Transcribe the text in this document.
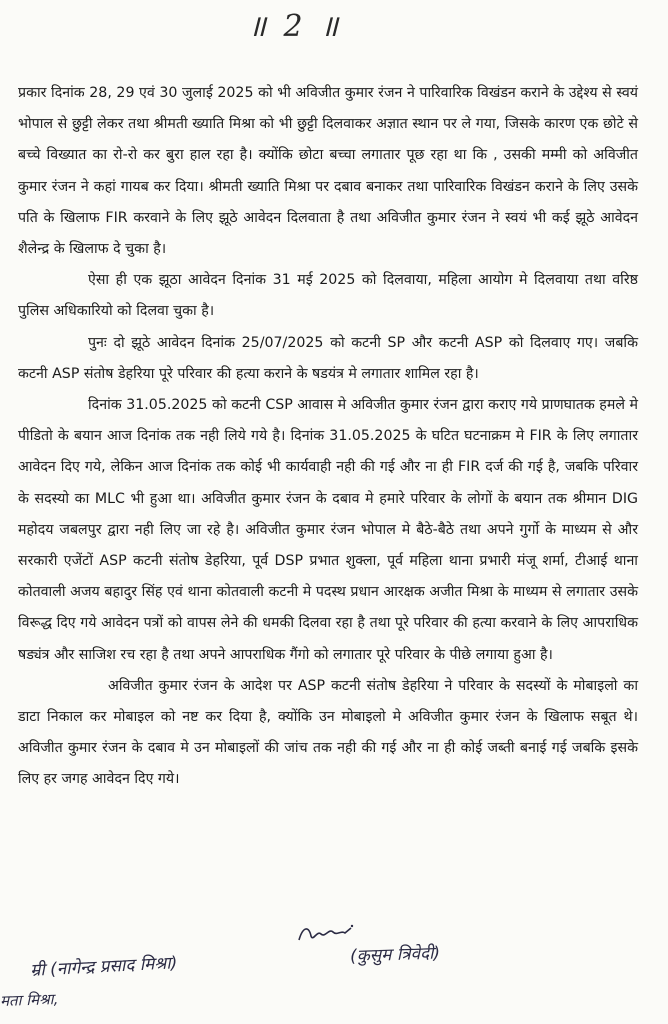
॥ 2 ॥

प्रकार दिनांक 28, 29 एवं 30 जुलाई 2025 को भी अविजीत कुमार रंजन ने पारिवारिक विखंडन कराने के उद्देश्य से स्वयं भोपाल से छुट्टी लेकर तथा श्रीमती ख्याति मिश्रा को भी छुट्टी दिलवाकर अज्ञात स्थान पर ले गया, जिसके कारण एक छोटे से बच्चे विख्यात का रो-रो कर बुरा हाल रहा है। क्योंकि छोटा बच्चा लगातार पूछ रहा था कि , उसकी मम्मी को अविजीत कुमार रंजन ने कहां गायब कर दिया। श्रीमती ख्याति मिश्रा पर दबाव बनाकर तथा पारिवारिक विखंडन कराने के लिए उसके पति के खिलाफ FIR करवाने के लिए झूठे आवेदन दिलवाता है तथा अविजीत कुमार रंजन ने स्वयं भी कई झूठे आवेदन शैलेन्द्र के खिलाफ दे चुका है।

ऐसा ही एक झूठा आवेदन दिनांक 31 मई 2025 को दिलवाया, महिला आयोग मे दिलवाया तथा वरिष्ठ पुलिस अधिकारियो को दिलवा चुका है।

पुनः दो झूठे आवेदन दिनांक 25/07/2025 को कटनी SP और कटनी ASP को दिलवाए गए। जबकि कटनी ASP संतोष डेहरिया पूरे परिवार की हत्या कराने के षडयंत्र मे लगातार शामिल रहा है।

दिनांक 31.05.2025 को कटनी CSP आवास मे अविजीत कुमार रंजन द्वारा कराए गये प्राणघातक हमले मे पीडितो के बयान आज दिनांक तक नही लिये गये है। दिनांक 31.05.2025 के घटित घटनाक्रम मे FIR के लिए लगातार आवेदन दिए गये, लेकिन आज दिनांक तक कोई भी कार्यवाही नही की गई और ना ही FIR दर्ज की गई है, जबकि परिवार के सदस्यो का MLC भी हुआ था। अविजीत कुमार रंजन के दबाव मे हमारे परिवार के लोगों के बयान तक श्रीमान DIG महोदय जबलपुर द्वारा नही लिए जा रहे है। अविजीत कुमार रंजन भोपाल मे बैठे-बैठे तथा अपने गुर्गो के माध्यम से और सरकारी एजेंटों ASP कटनी संतोष डेहरिया, पूर्व DSP प्रभात शुक्ला, पूर्व महिला थाना प्रभारी मंजू शर्मा, टीआई थाना कोतवाली अजय बहादुर सिंह एवं थाना कोतवाली कटनी मे पदस्थ प्रधान आरक्षक अजीत मिश्रा के माध्यम से लगातार उसके विरूद्ध दिए गये आवेदन पत्रों को वापस लेने की धमकी दिलवा रहा है तथा पूरे परिवार की हत्या करवाने के लिए आपराधिक षड्यंत्र और साजिश रच रहा है तथा अपने आपराधिक गैंगो को लगातार पूरे परिवार के पीछे लगाया हुआ है।

अविजीत कुमार रंजन के आदेश पर ASP कटनी संतोष डेहरिया ने परिवार के सदस्यों के मोबाइलो का डाटा निकाल कर मोबाइल को नष्ट कर दिया है, क्योंकि उन मोबाइलो मे अविजीत कुमार रंजन के खिलाफ सबूत थे। अविजीत कुमार रंजन के दबाव मे उन मोबाइलों की जांच तक नही की गई और ना ही कोई जब्ती बनाई गई जबकि इसके लिए हर जगह आवेदन दिए गये।

म्री (नागेन्द्र प्रसाद मिश्रा)	(कुसुम त्रिवेदी)
मता मिश्रा,
